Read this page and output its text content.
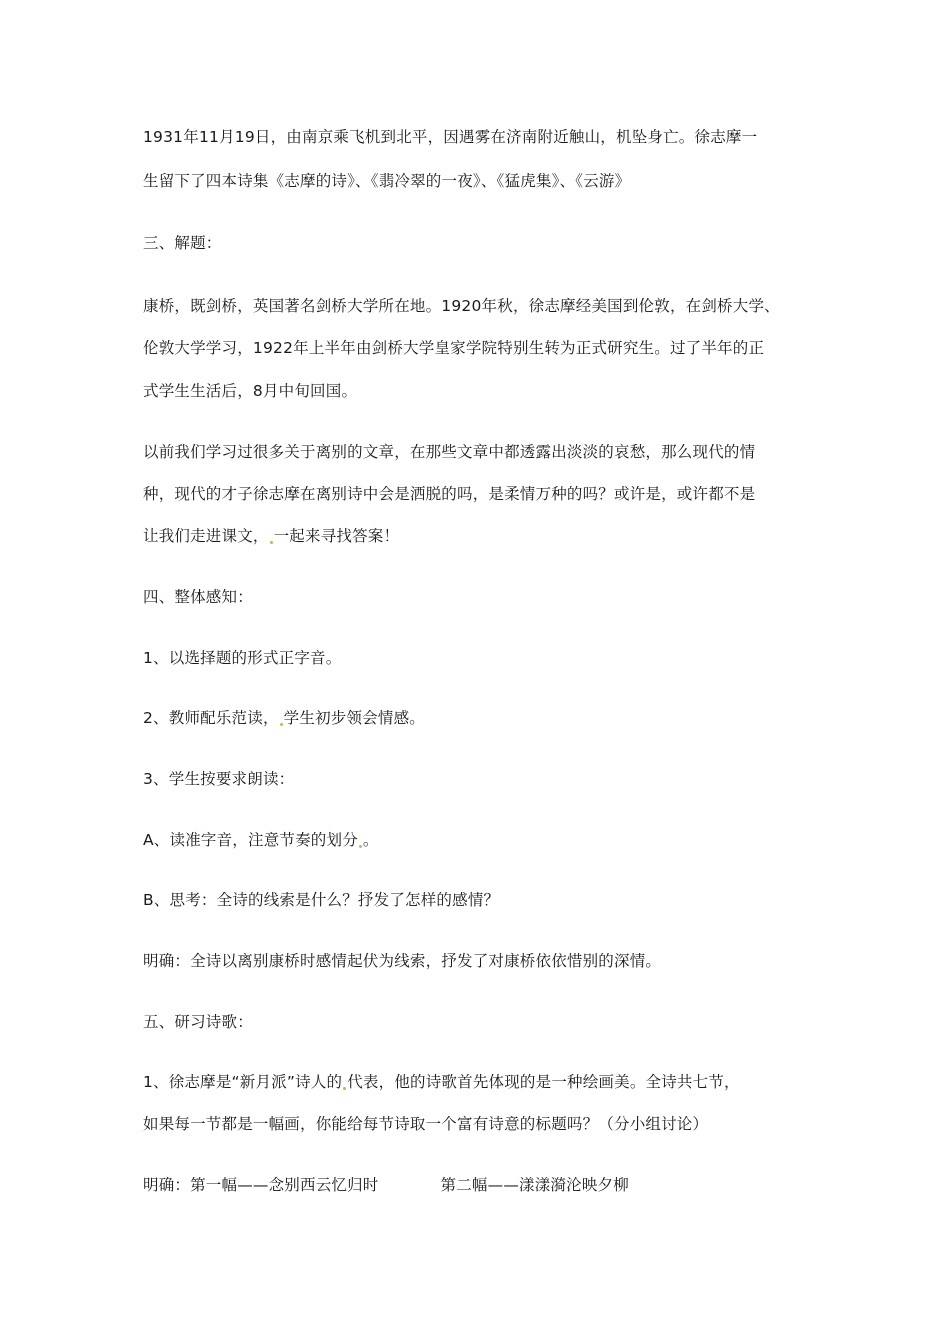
1931年11月19日，由南京乘飞机到北平，因遇雾在济南附近触山，机坠身亡。徐志摩一
生留下了四本诗集《志摩的诗》、《翡冷翠的一夜》、《猛虎集》、《云游》
三、解题：
康桥，既剑桥，英国著名剑桥大学所在地。1920年秋，徐志摩经美国到伦敦，在剑桥大学、
伦敦大学学习，1922年上半年由剑桥大学皇家学院特别生转为正式研究生。过了半年的正
式学生生活后，8月中旬回国。
以前我们学习过很多关于离别的文章，在那些文章中都透露出淡淡的哀愁，那么现代的情
种，现代的才子徐志摩在离别诗中会是洒脱的吗，是柔情万种的吗？或许是，或许都不是
让我们走进课文， 一起来寻找答案！
四、整体感知：
1、以选择题的形式正字音。
2、教师配乐范读， 学生初步领会情感。
3、学生按要求朗读：
A、读准字音，注意节奏的划分 。
B、思考：全诗的线索是什么？抒发了怎样的感情？
明确：全诗以离别康桥时感情起伏为线索，抒发了对康桥依依惜别的深情。
五、研习诗歌：
1、徐志摩是“新月派”诗人的 代表，他的诗歌首先体现的是一种绘画美。全诗共七节，
如果每一节都是一幅画，你能给每节诗取一个富有诗意的标题吗？（分小组讨论）
明确：第一幅——念别西云忆归时	第二幅——漾漾漪沦映夕柳
